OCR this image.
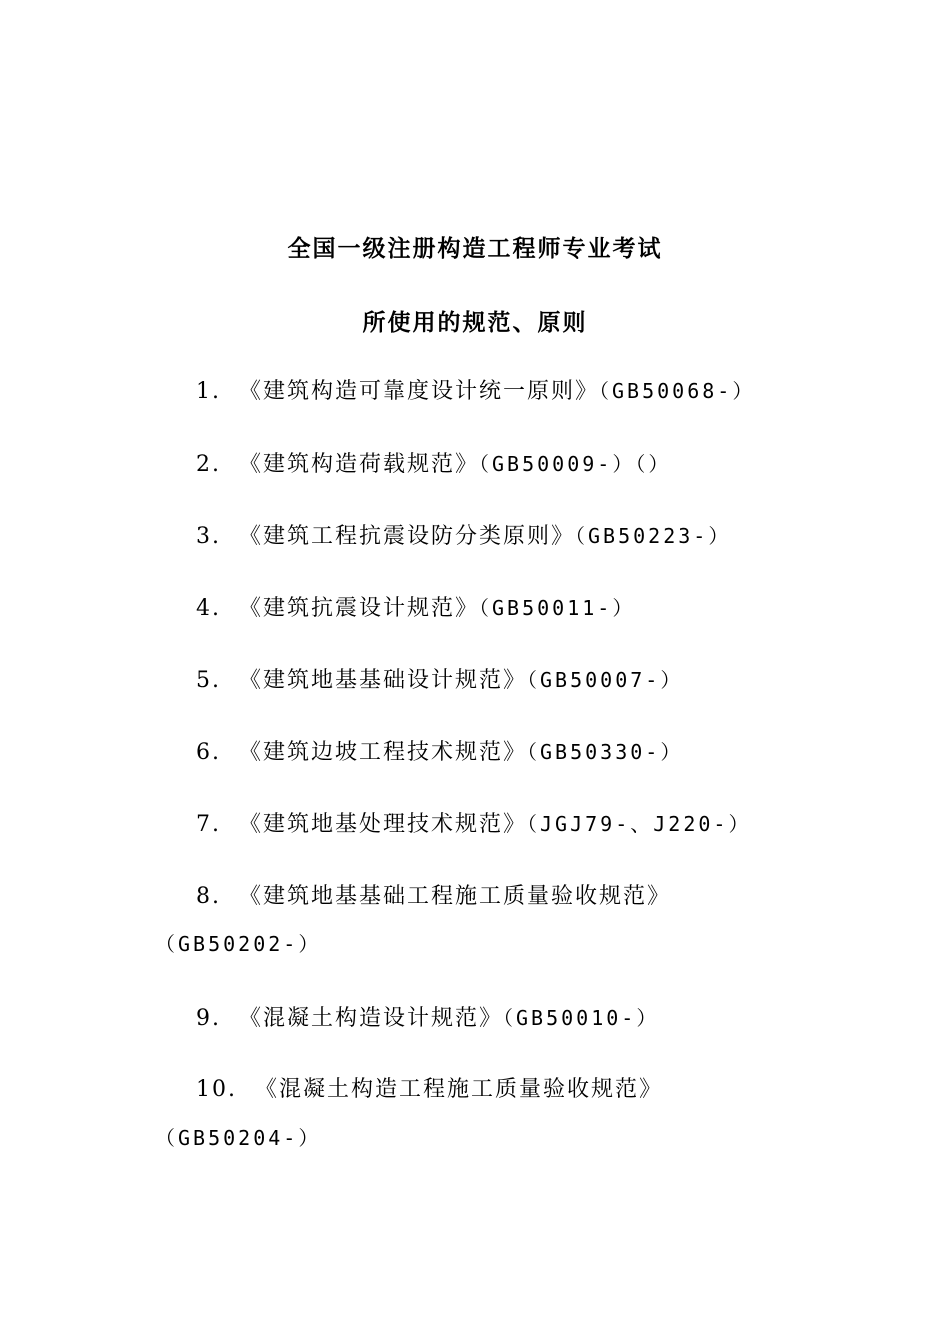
全国一级注册构造工程师专业考试
所使用的规范、原则
1. 《建筑构造可靠度设计统一原则》（GB50068-）
2. 《建筑构造荷载规范》（GB50009-）（）
3. 《建筑工程抗震设防分类原则》（GB50223-）
4. 《建筑抗震设计规范》（GB50011-）
5. 《建筑地基基础设计规范》（GB50007-）
6. 《建筑边坡工程技术规范》（GB50330-）
7. 《建筑地基处理技术规范》（JGJ79-、J220-）
8. 《建筑地基基础工程施工质量验收规范》
（GB50202-）
9. 《混凝土构造设计规范》（GB50010-）
10. 《混凝土构造工程施工质量验收规范》
（GB50204-）
